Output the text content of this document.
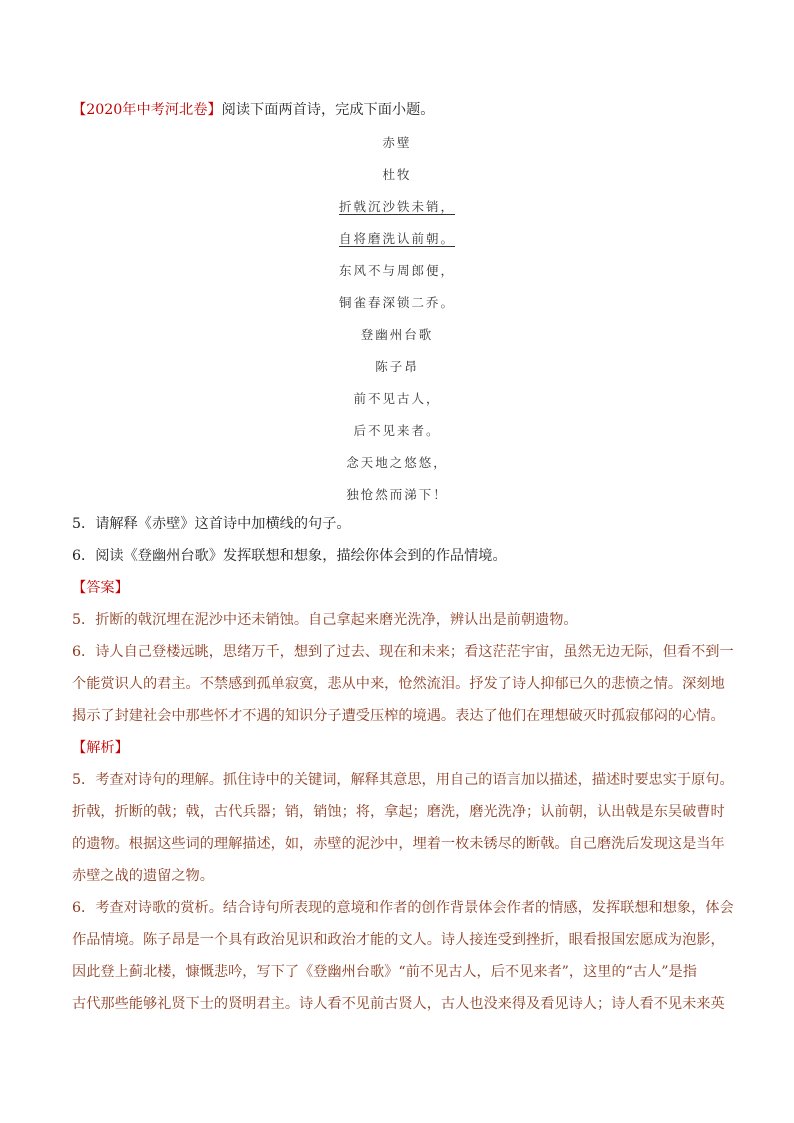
【2020年中考河北卷】阅读下面两首诗，完成下面小题。
赤壁
杜牧
折戟沉沙铁未销，
自将磨洗认前朝。
东风不与周郎便，
铜雀春深锁二乔。
登幽州台歌
陈子昂
前不见古人，
后不见来者。
念天地之悠悠，
独怆然而涕下！
5．请解释《赤壁》这首诗中加横线的句子。
6．阅读《登幽州台歌》发挥联想和想象，描绘你体会到的作品情境。
【答案】
5．折断的戟沉埋在泥沙中还未销蚀。自己拿起来磨光洗净，辨认出是前朝遗物。
6．诗人自己登楼远眺，思绪万千，想到了过去、现在和未来；看这茫茫宇宙，虽然无边无际，但看不到一
个能赏识人的君主。不禁感到孤单寂寞，悲从中来，怆然流泪。抒发了诗人抑郁已久的悲愤之情。深刻地
揭示了封建社会中那些怀才不遇的知识分子遭受压榨的境遇。表达了他们在理想破灭时孤寂郁闷的心情。
【解析】
5．考查对诗句的理解。抓住诗中的关键词，解释其意思，用自己的语言加以描述，描述时要忠实于原句。
折戟，折断的戟；戟，古代兵器；销，销蚀；将，拿起；磨洗，磨光洗净；认前朝，认出戟是东吴破曹时
的遗物。根据这些词的理解描述，如，赤壁的泥沙中，埋着一枚未锈尽的断戟。自己磨洗后发现这是当年
赤壁之战的遗留之物。
6．考查对诗歌的赏析。结合诗句所表现的意境和作者的创作背景体会作者的情感，发挥联想和想象，体会
作品情境。陈子昂是一个具有政治见识和政治才能的文人。诗人接连受到挫折，眼看报国宏愿成为泡影，
因此登上蓟北楼，慷慨悲吟，写下了《登幽州台歌》“前不见古人，后不见来者”，这里的“古人”是指
古代那些能够礼贤下士的贤明君主。诗人看不见前古贤人，古人也没来得及看见诗人；诗人看不见未来英
